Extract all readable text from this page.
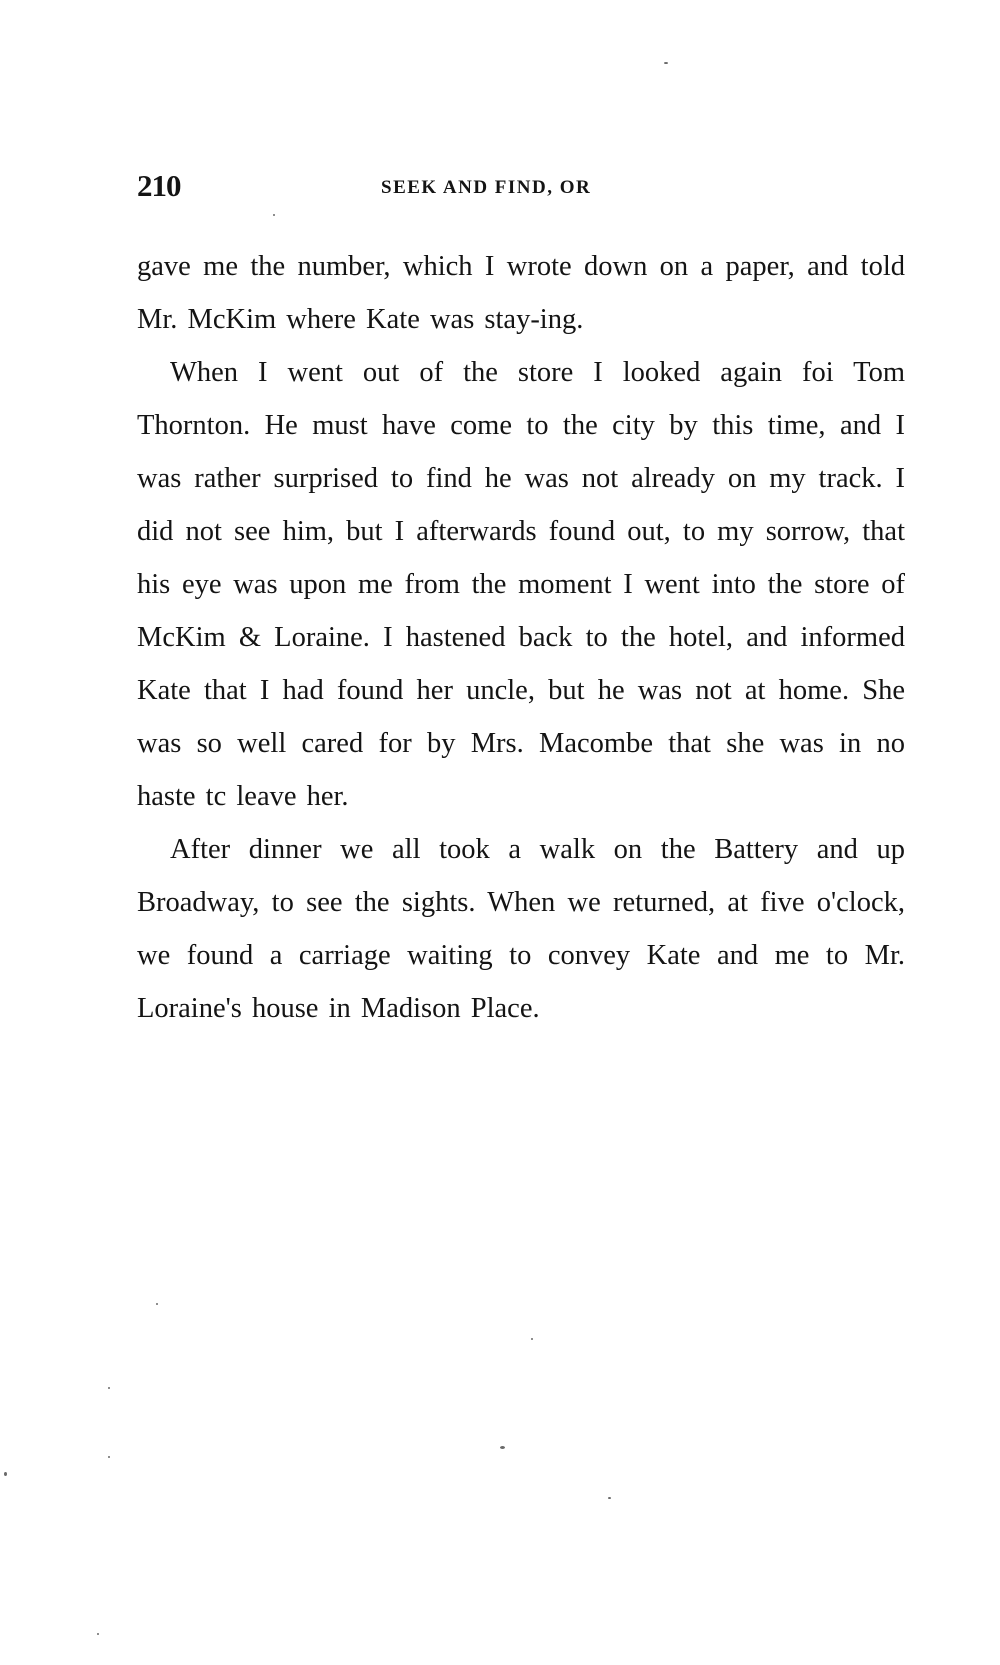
210	SEEK AND FIND, OR

gave me the number, which I wrote down on a paper, and told Mr. McKim where Kate was stay-ing.

When I went out of the store I looked again foi Tom Thornton. He must have come to the city by this time, and I was rather surprised to find he was not already on my track. I did not see him, but I afterwards found out, to my sorrow, that his eye was upon me from the moment I went into the store of McKim & Loraine. I hastened back to the hotel, and informed Kate that I had found her uncle, but he was not at home. She was so well cared for by Mrs. Macombe that she was in no haste tc leave her.

After dinner we all took a walk on the Battery and up Broadway, to see the sights. When we returned, at five o'clock, we found a carriage waiting to convey Kate and me to Mr. Loraine's house in Madison Place.
